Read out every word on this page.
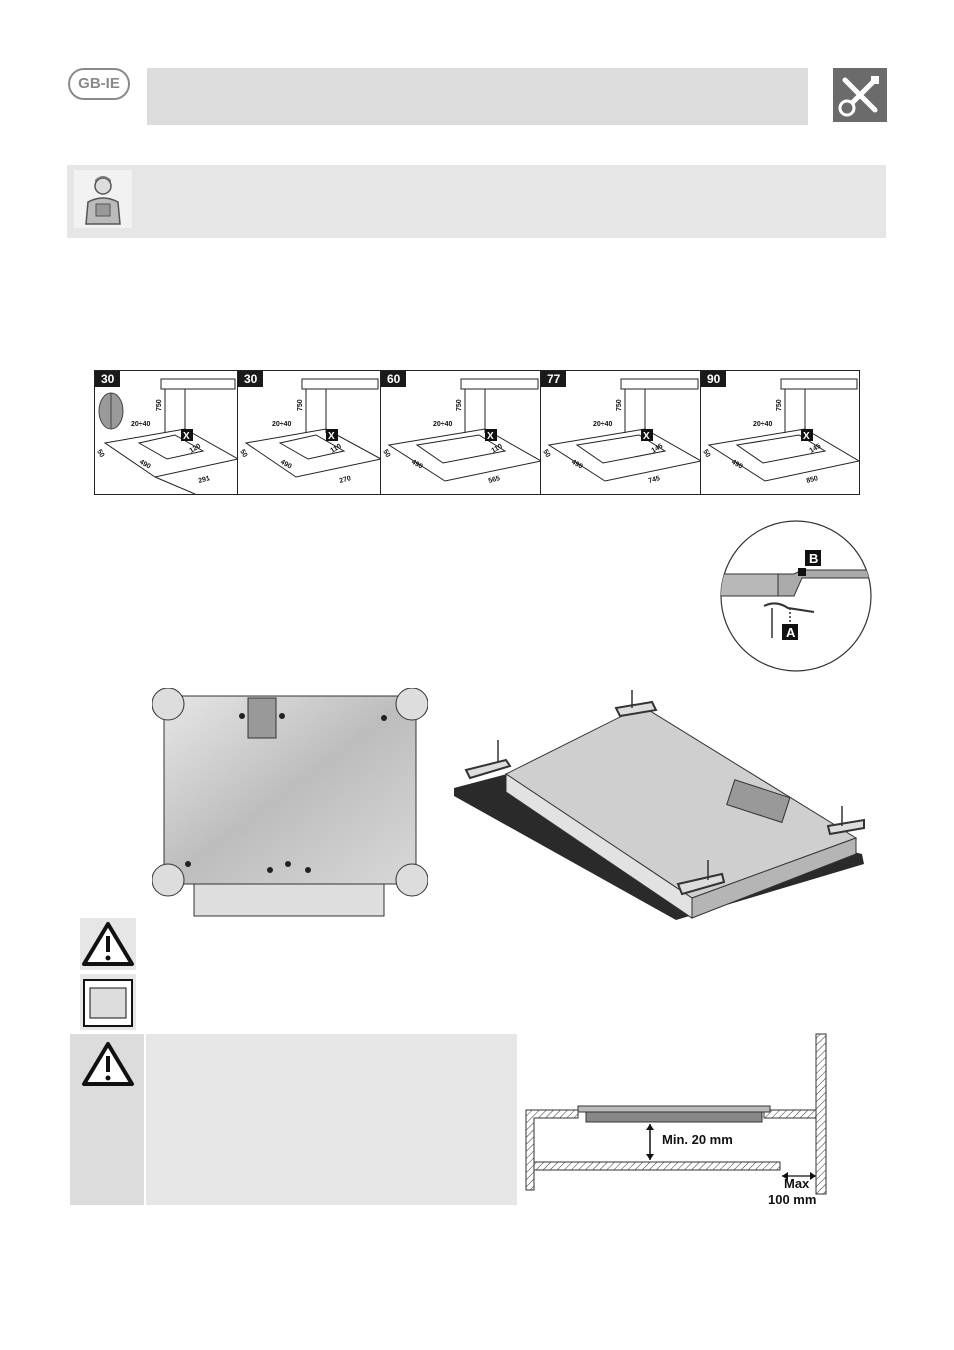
GB-IE
30
X
20÷40
750
490
50
291
120
30
X
20÷40
750
490
50
270
110
60
X
20÷40
750
490
50
565
110
77
X
20÷40
750
490
50
745
145
90
X
20÷40
750
490
50
850
145
B
A
Min. 20 mm
Max
100 mm
